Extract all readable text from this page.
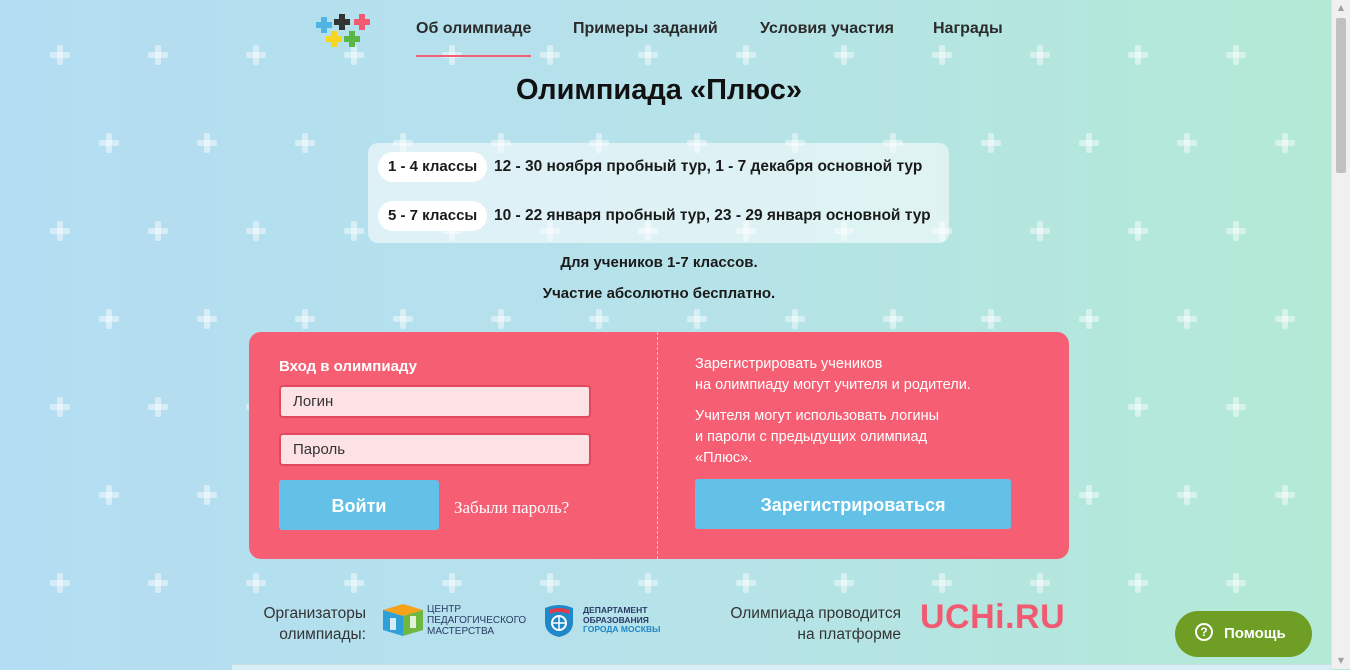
Об олимпиаде	Примеры заданий	Условия участия Награды
Олимпиада «Плюс»
1 - 4 классы	12 - 30 ноября пробный тур, 1 - 7 декабря основной тур
5 - 7 классы	10 - 22 января пробный тур, 23 - 29 января основной тур
Для учеников 1-7 классов.
Участие абсолютно бесплатно.
Вход в олимпиаду
Логин
Войти	Забыли пароль?
Зарегистрировать учеников
на олимпиаду могут учителя и родители.
Учителя могут использовать логины
и пароли с предыдущих олимпиад
«Плюс».
Зарегистрироваться
Организаторы
олимпиады:
ЦЕНТР
ПЕДАГОГИЧЕСКОГО
МАСТЕРСТВА
ДЕПАРТАМЕНТ
ОБРАЗОВАНИЯ
ГОРОДА МОСКВЫ
Олимпиада проводится
на платформе UCHi.RU	?	Помощь
▲
▼
